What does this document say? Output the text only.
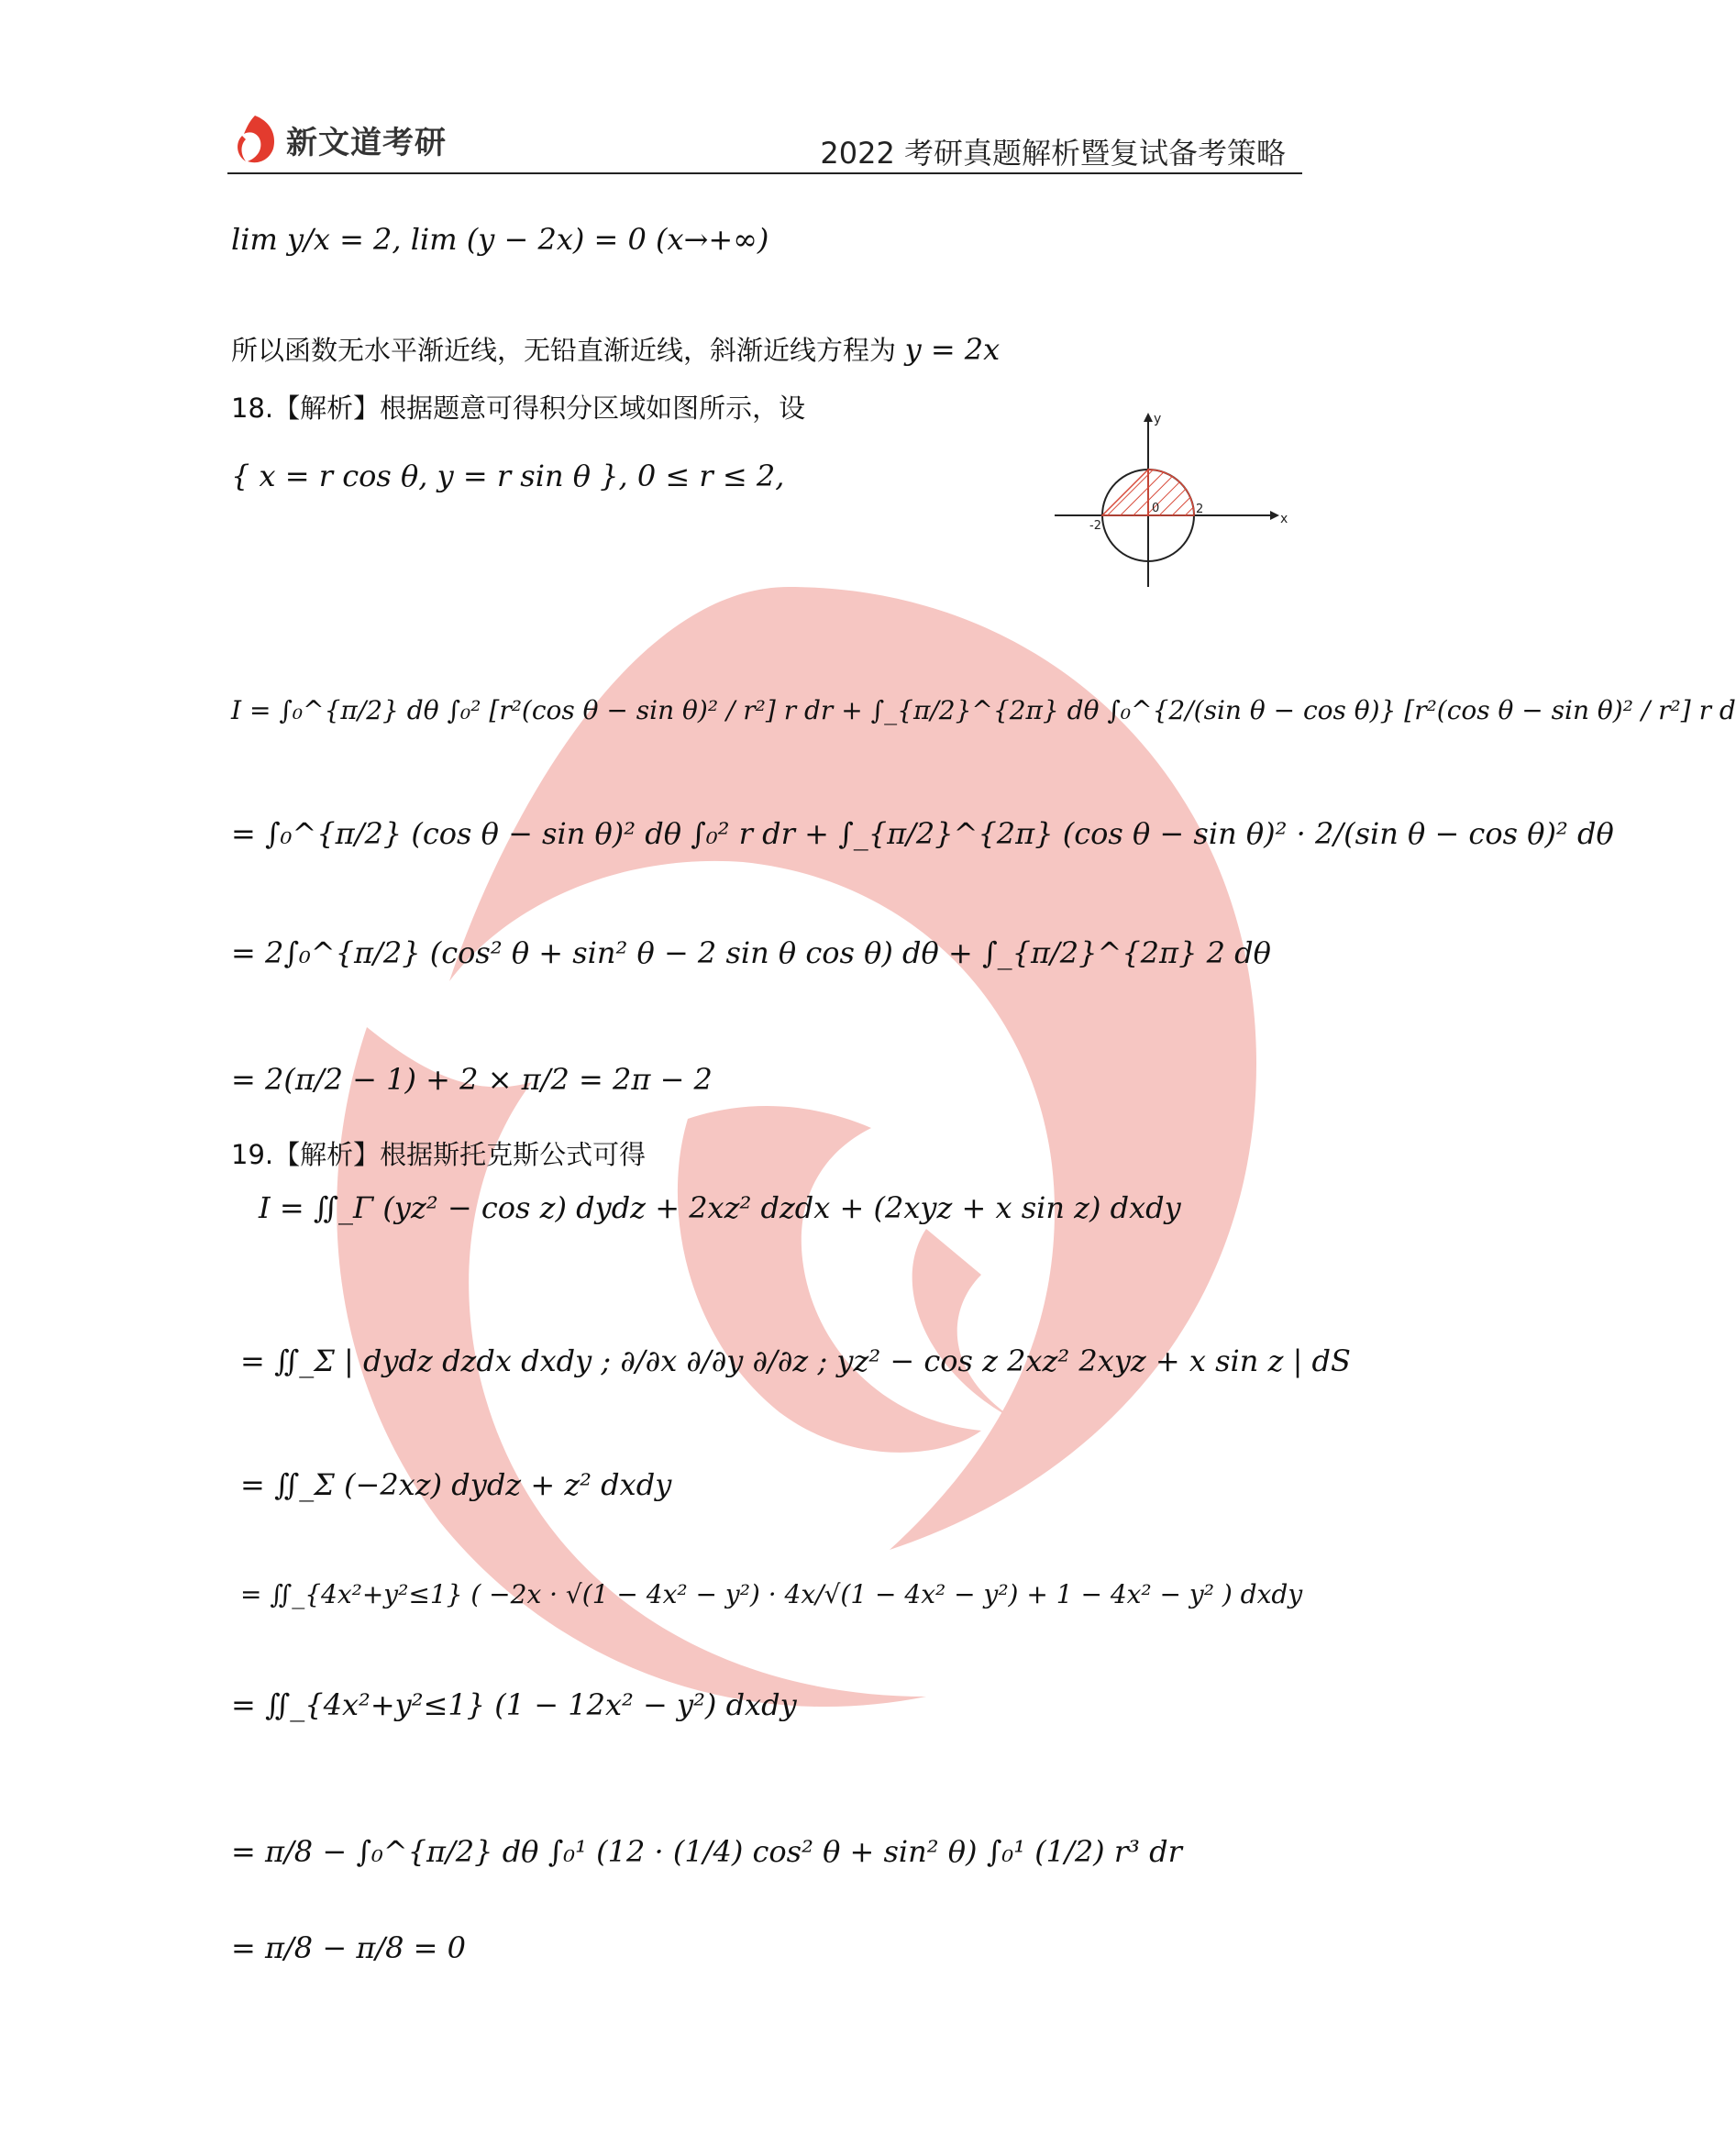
新文道考研	2022 考研真题解析暨复试备考策略
lim y/x = 2, lim (y − 2x) = 0 (x→+∞)
所以函数无水平渐近线，无铅直渐近线，斜渐近线方程为 y = 2x
18.【解析】根据题意可得积分区域如图所示，设
{ x = r cos θ, y = r sin θ }, 0 ≤ r ≤ 2,
x
y
0
-2
2
I = ∫₀^{π/2} dθ ∫₀² [r²(cos θ − sin θ)² / r²] r dr + ∫_{π/2}^{2π} dθ ∫₀^{2/(sin θ − cos θ)} [r²(cos θ − sin θ)² / r²] r d
= ∫₀^{π/2} (cos θ − sin θ)² dθ ∫₀² r dr + ∫_{π/2}^{2π} (cos θ − sin θ)² · 2/(sin θ − cos θ)² dθ
= 2∫₀^{π/2} (cos² θ + sin² θ − 2 sin θ cos θ) dθ + ∫_{π/2}^{2π} 2 dθ
= 2(π/2 − 1) + 2 × π/2 = 2π − 2
19.【解析】根据斯托克斯公式可得
I = ∬_Γ (yz² − cos z) dydz + 2xz² dzdx + (2xyz + x sin z) dxdy
= ∬_Σ | dydz dzdx dxdy ; ∂/∂x ∂/∂y ∂/∂z ; yz² − cos z 2xz² 2xyz + x sin z | dS
= ∬_Σ (−2xz) dydz + z² dxdy
= ∬_{4x²+y²≤1} ( −2x · √(1 − 4x² − y²) · 4x/√(1 − 4x² − y²) + 1 − 4x² − y² ) dxdy
= ∬_{4x²+y²≤1} (1 − 12x² − y²) dxdy
= π/8 − ∫₀^{π/2} dθ ∫₀¹ (12 · (1/4) cos² θ + sin² θ) ∫₀¹ (1/2) r³ dr
= π/8 − π/8 = 0
